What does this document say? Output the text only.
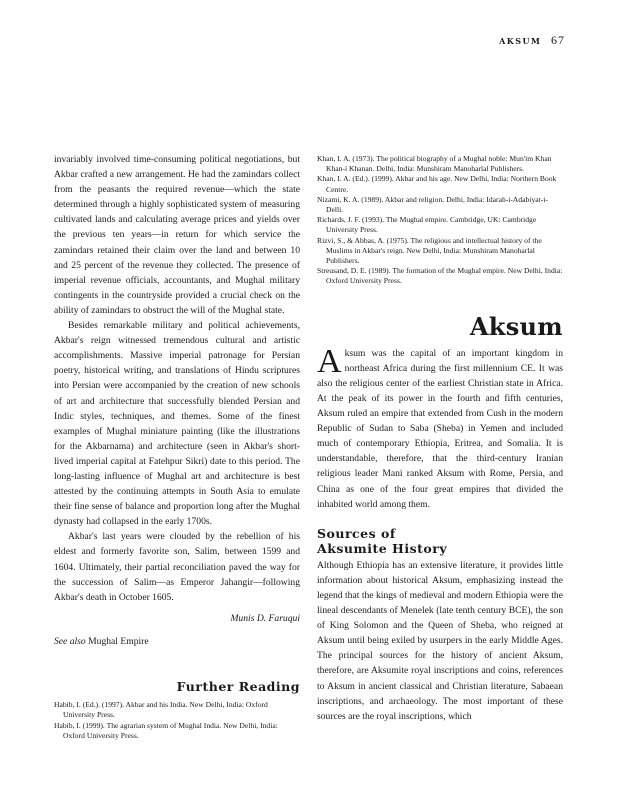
AKSUM 67

invariably involved time-consuming political negotiations, but Akbar crafted a new arrangement. He had the zamindars collect from the peasants the required revenue—which the state determined through a highly sophisticated system of measuring cultivated lands and calculating average prices and yields over the previous ten years—in return for which service the zamindars retained their claim over the land and between 10 and 25 percent of the revenue they collected. The presence of imperial revenue officials, accountants, and Mughal military contingents in the countryside provided a crucial check on the ability of zamindars to obstruct the will of the Mughal state.

Besides remarkable military and political achievements, Akbar's reign witnessed tremendous cultural and artistic accomplishments. Massive imperial patronage for Persian poetry, historical writing, and translations of Hindu scriptures into Persian were accompanied by the creation of new schools of art and architecture that successfully blended Persian and Indic styles, techniques, and themes. Some of the finest examples of Mughal miniature painting (like the illustrations for the Akbarnama) and architecture (seen in Akbar's short-lived imperial capital at Fatehpur Sikri) date to this period. The long-lasting influence of Mughal art and architecture is best attested by the continuing attempts in South Asia to emulate their fine sense of balance and proportion long after the Mughal dynasty had collapsed in the early 1700s.

Akbar's last years were clouded by the rebellion of his eldest and formerly favorite son, Salim, between 1599 and 1604. Ultimately, their partial reconciliation paved the way for the succession of Salim—as Emperor Jahangir—following Akbar's death in October 1605.

Munis D. Faruqui

See also Mughal Empire

Further Reading

Habib, I. (Ed.). (1997). Akbar and his India. New Delhi, India: Oxford University Press.

Habib, I. (1999). The agrarian system of Mughal India. New Delhi, India: Oxford University Press.

Khan, I. A. (1973). The political biography of a Mughal noble: Mun'im Khan Khan-i Khanan. Delhi, India: Munshiram Manoharlal Publishers.

Khan, I. A. (Ed.). (1999). Akbar and his age. New Delhi, India: Northern Book Centre.

Nizami, K. A. (1989). Akbar and religion. Delhi, India: Idarah-i-Adabiyat-i-Delli.

Richards, J. F. (1993). The Mughal empire. Cambridge, UK: Cambridge University Press.

Rizvi, S., & Abbas, A. (1975). The religious and intellectual history of the Muslims in Akbar's reign. New Delhi, India: Munshiram Manoharlal Publishers.

Streusand, D. E. (1989). The formation of the Mughal empire. New Delhi, India: Oxford University Press.

Aksum

Aksum was the capital of an important kingdom in northeast Africa during the first millennium CE. It was also the religious center of the earliest Christian state in Africa. At the peak of its power in the fourth and fifth centuries, Aksum ruled an empire that extended from Cush in the modern Republic of Sudan to Saba (Sheba) in Yemen and included much of contemporary Ethiopia, Eritrea, and Somalia. It is understandable, therefore, that the third-century Iranian religious leader Mani ranked Aksum with Rome, Persia, and China as one of the four great empires that divided the inhabited world among them.

Sources of
Aksumite History

Although Ethiopia has an extensive literature, it provides little information about historical Aksum, emphasizing instead the legend that the kings of medieval and modern Ethiopia were the lineal descendants of Menelek (late tenth century BCE), the son of King Solomon and the Queen of Sheba, who reigned at Aksum until being exiled by usurpers in the early Middle Ages. The principal sources for the history of ancient Aksum, therefore, are Aksumite royal inscriptions and coins, references to Aksum in ancient classical and Christian literature, Sabaean inscriptions, and archaeology. The most important of these sources are the royal inscriptions, which
